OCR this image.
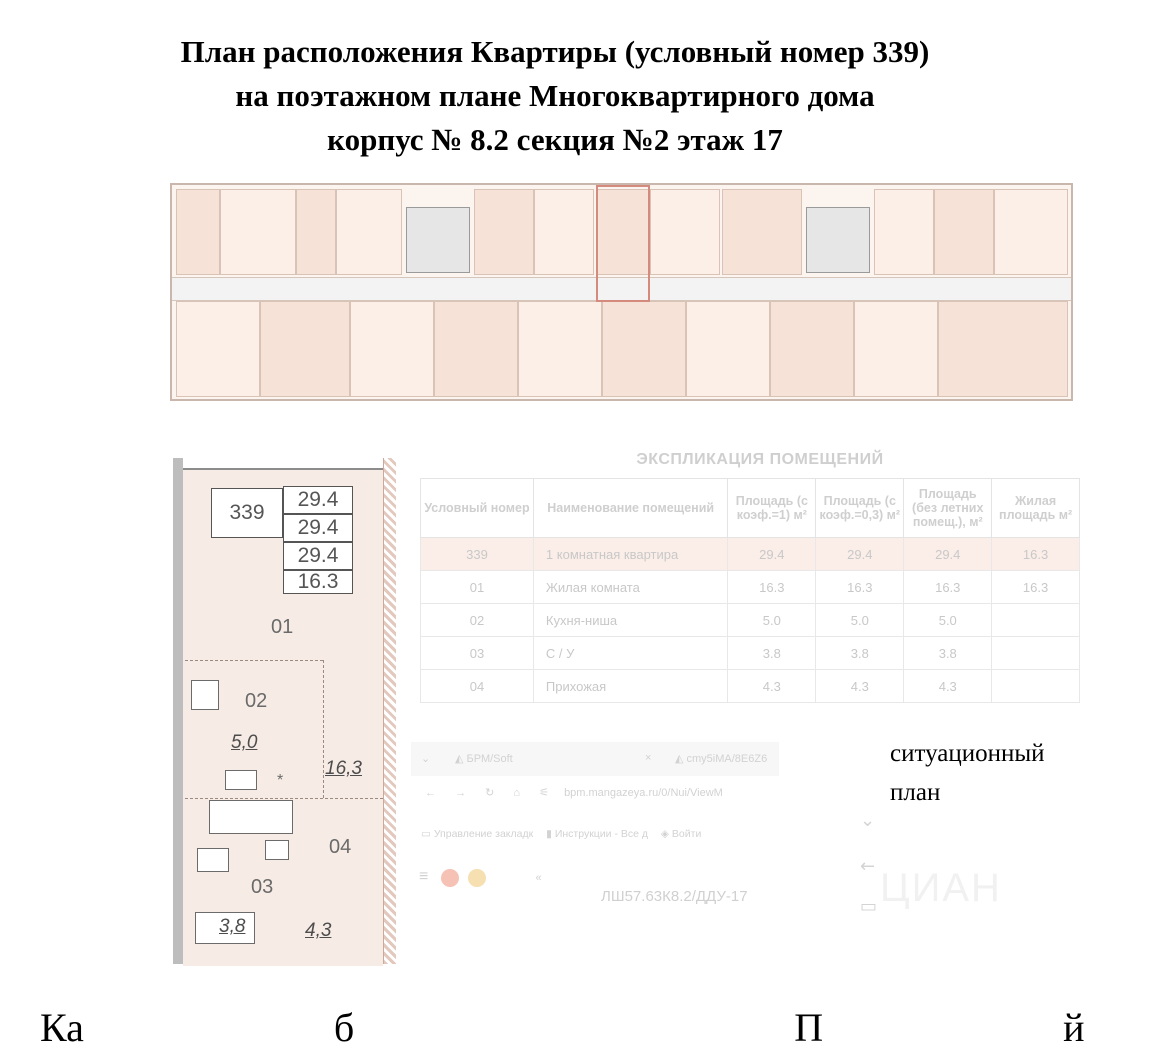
План расположения Квартиры (условный номер 339)
на поэтажном плане Многоквартирного дома
корпус № 8.2 секция №2 этаж 17
339
29.4
29.4
29.4
16.3
01
02
5,0
16,3
*
04
03
3,8	4,3
ЭКСПЛИКАЦИЯ ПОМЕЩЕНИЙ
Условный номер	Наименование помещений	Площадь (с коэф.=1) м²	Площадь (с коэф.=0,3) м²	Площадь (без летних помещ.), м²	Жилая площадь м²
339	1 комнатная квартира	29.4	29.4	29.4	16.3
01	Жилая комната	16.3	16.3	16.3	16.3
02	Кухня-ниша	5.0	5.0	5.0	
03	С / У	3.8	3.8	3.8	
04	Прихожая	4.3	4.3	4.3	
⌄ ◭ БРМ/Soft	× ◭ cmy5iMA/8E6Z6
← → ↻ ⌂ ⚟ bpm.mangazeya.ru/0/Nui/ViewM
▭ Управление закладк ▮ Инструкции - Все д ◈ Войти
≡	«
ЛШ57.63К8.2/ДДУ-17
⌄
←
▭
ситуационный
план
ЦИАН
Ка                         б                                            П                        й
